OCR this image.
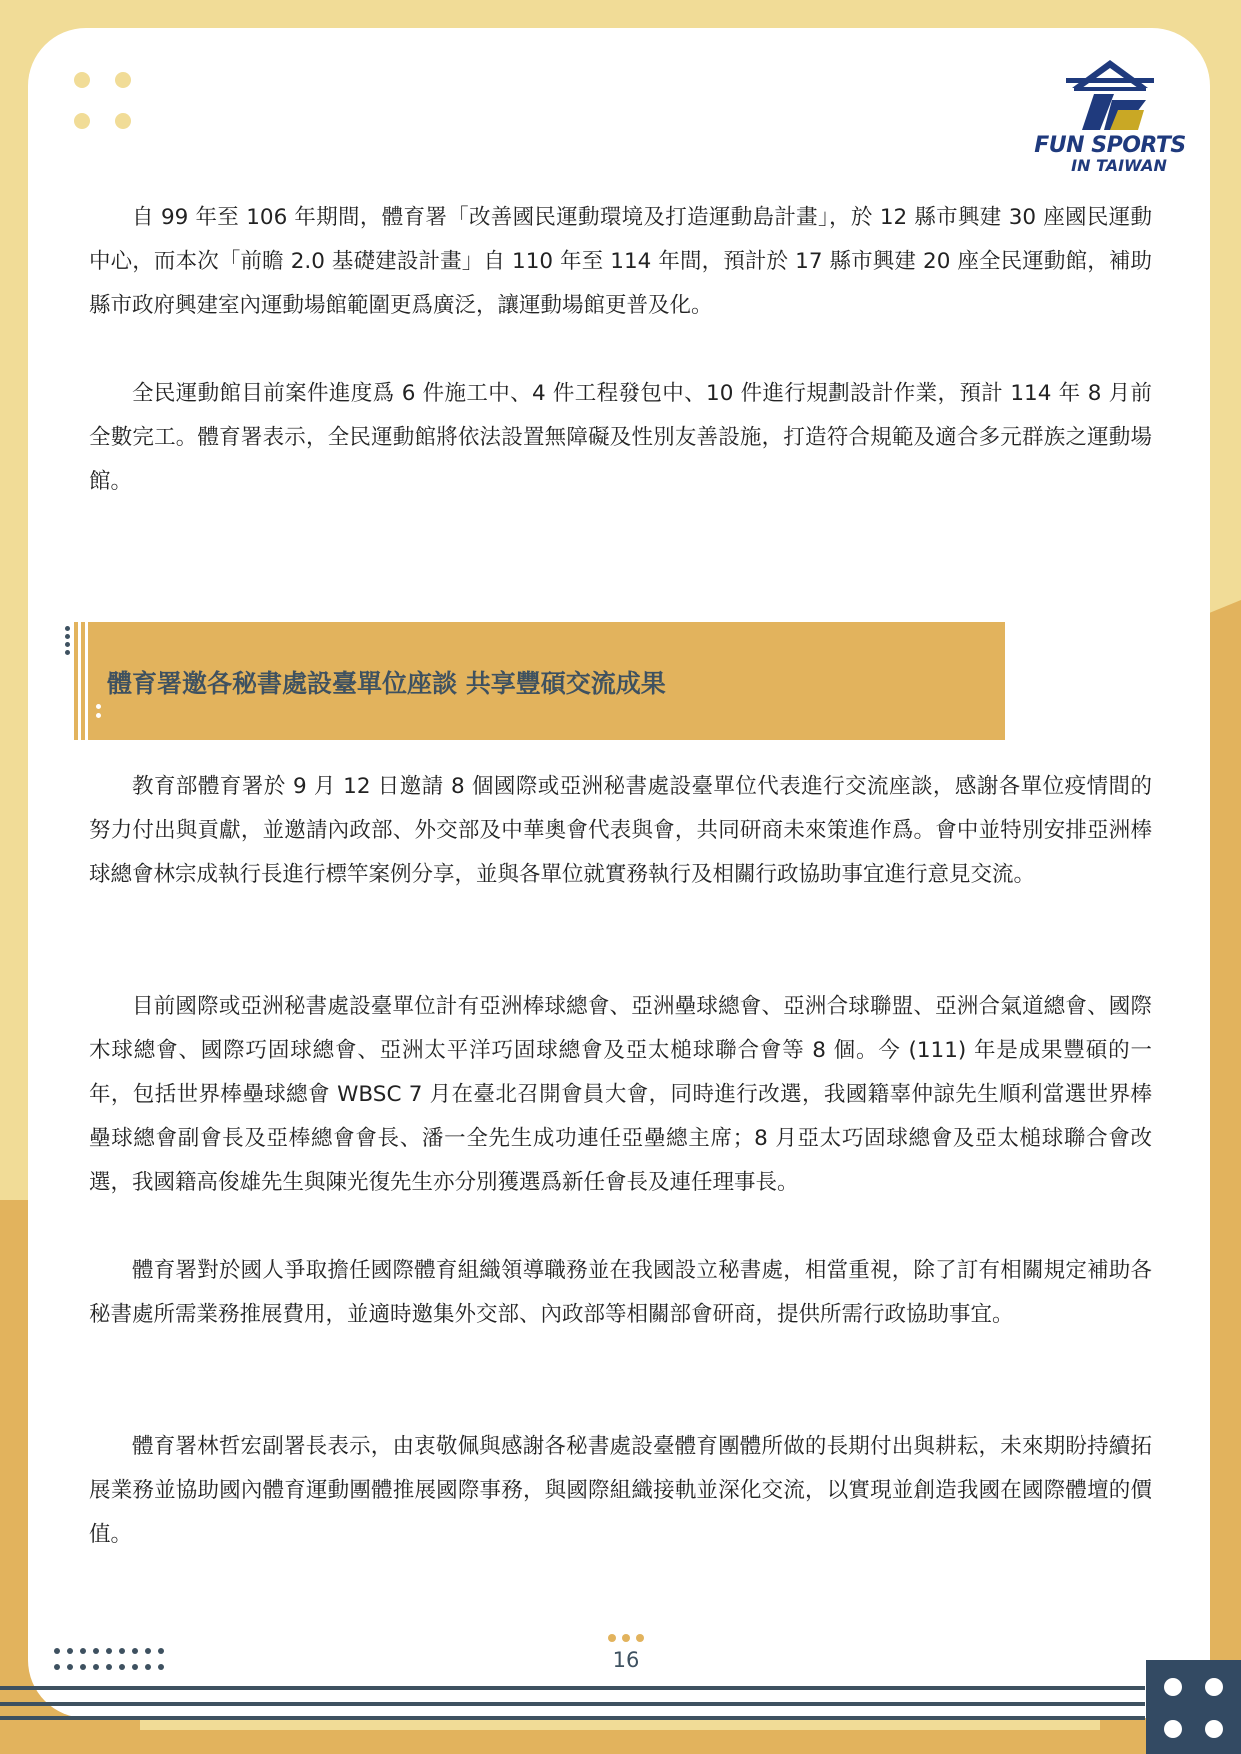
FUN SPORTS
IN TAIWAN

自 99 年至 106 年期間，體育署「改善國民運動環境及打造運動島計畫」，於 12 縣市興建 30 座國民運動中心，而本次「前瞻 2.0 基礎建設計畫」自 110 年至 114 年間，預計於 17 縣市興建 20 座全民運動館，補助縣市政府興建室內運動場館範圍更爲廣泛，讓運動場館更普及化。

全民運動館目前案件進度爲 6 件施工中、4 件工程發包中、10 件進行規劃設計作業，預計 114 年 8 月前全數完工。體育署表示，全民運動館將依法設置無障礙及性別友善設施，打造符合規範及適合多元群族之運動場館。

體育署邀各秘書處設臺單位座談 共享豐碩交流成果

教育部體育署於 9 月 12 日邀請 8 個國際或亞洲秘書處設臺單位代表進行交流座談，感謝各單位疫情間的努力付出與貢獻，並邀請內政部、外交部及中華奧會代表與會，共同研商未來策進作爲。會中並特別安排亞洲棒球總會林宗成執行長進行標竿案例分享，並與各單位就實務執行及相關行政協助事宜進行意見交流。

目前國際或亞洲秘書處設臺單位計有亞洲棒球總會、亞洲壘球總會、亞洲合球聯盟、亞洲合氣道總會、國際木球總會、國際巧固球總會、亞洲太平洋巧固球總會及亞太槌球聯合會等 8 個。今 (111) 年是成果豐碩的一年，包括世界棒壘球總會 WBSC 7 月在臺北召開會員大會，同時進行改選，我國籍辜仲諒先生順利當選世界棒壘球總會副會長及亞棒總會會長、潘一全先生成功連任亞壘總主席；8 月亞太巧固球總會及亞太槌球聯合會改選，我國籍高俊雄先生與陳光復先生亦分別獲選爲新任會長及連任理事長。

體育署對於國人爭取擔任國際體育組織領導職務並在我國設立秘書處，相當重視，除了訂有相關規定補助各秘書處所需業務推展費用，並適時邀集外交部、內政部等相關部會研商，提供所需行政協助事宜。

體育署林哲宏副署長表示，由衷敬佩與感謝各秘書處設臺體育團體所做的長期付出與耕耘，未來期盼持續拓展業務並協助國內體育運動團體推展國際事務，與國際組織接軌並深化交流，以實現並創造我國在國際體壇的價值。

16
